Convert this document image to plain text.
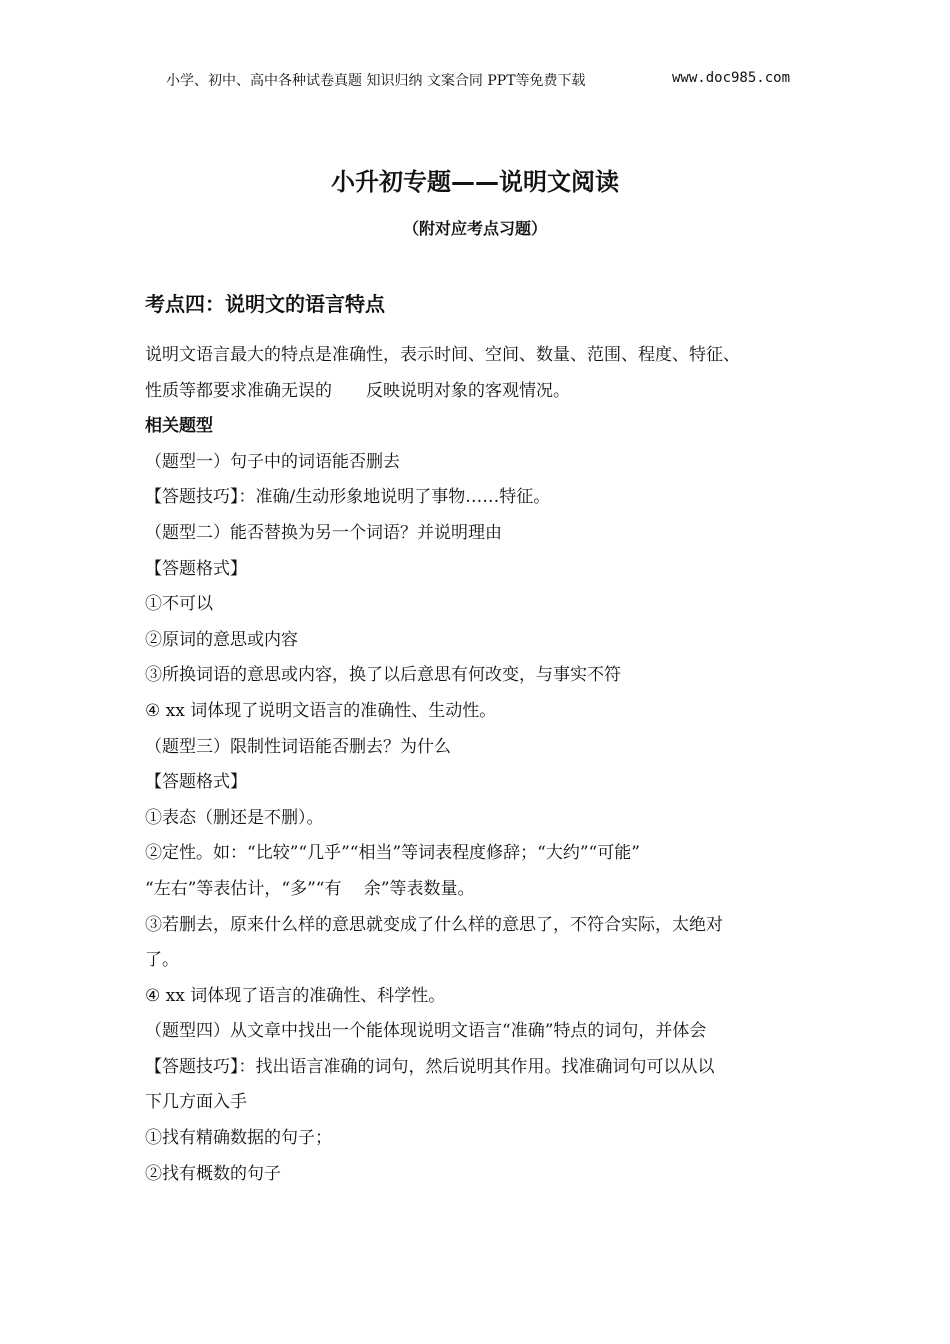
小学、初中、高中各种试卷真题 知识归纳 文案合同 PPT等免费下载	www.doc985.com
小升初专题——说明文阅读
（附对应考点习题）
考点四：说明文的语言特点
说明文语言最大的特点是准确性，表示时间、空间、数量、范围、程度、特征、
性质等都要求准确无误的　　反映说明对象的客观情况。
相关题型
（题型一）句子中的词语能否删去
【答题技巧】：准确/生动形象地说明了事物……特征。
（题型二）能否替换为另一个词语？并说明理由
【答题格式】
①不可以
②原词的意思或内容
③所换词语的意思或内容，换了以后意思有何改变，与事实不符
④ xx 词体现了说明文语言的准确性、生动性。
（题型三）限制性词语能否删去？为什么
【答题格式】
①表态（删还是不删）。
②定性。如：“比较”“几乎”“相当”等词表程度修辞；“大约”“可能”
“左右”等表估计，“多”“有　 余”等表数量。
③若删去，原来什么样的意思就变成了什么样的意思了，不符合实际，太绝对
了。
④ xx 词体现了语言的准确性、科学性。
（题型四）从文章中找出一个能体现说明文语言“准确”特点的词句，并体会
【答题技巧】：找出语言准确的词句，然后说明其作用。找准确词句可以从以
下几方面入手
①找有精确数据的句子；
②找有概数的句子
